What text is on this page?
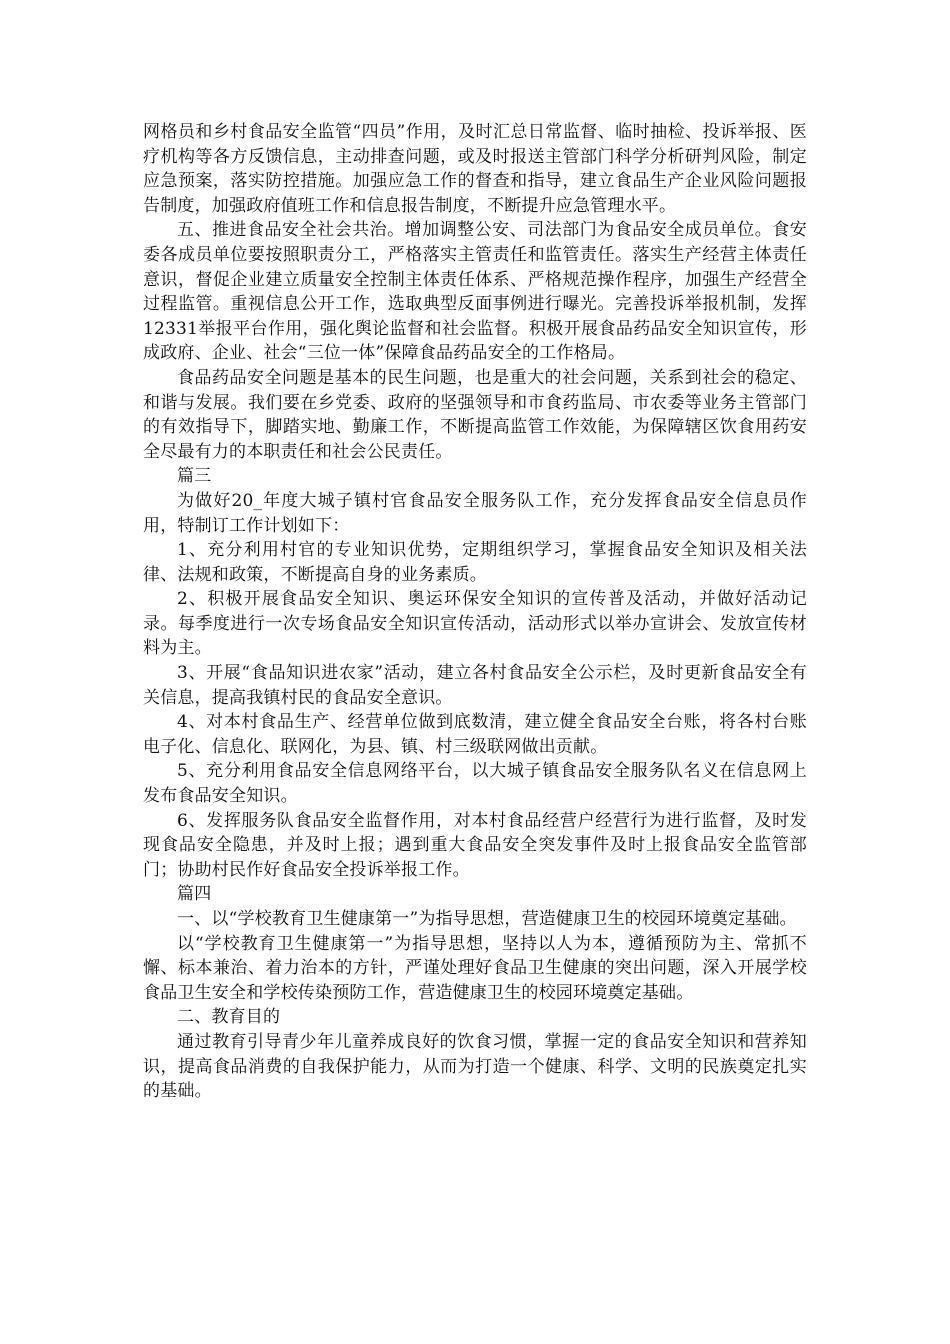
网格员和乡村食品安全监管“四员”作用，及时汇总日常监督、临时抽检、投诉举报、医疗机构等各方反馈信息，主动排查问题，或及时报送主管部门科学分析研判风险，制定应急预案，落实防控措施。加强应急工作的督查和指导，建立食品生产企业风险问题报告制度，加强政府值班工作和信息报告制度，不断提升应急管理水平。

五、推进食品安全社会共治。增加调整公安、司法部门为食品安全成员单位。食安委各成员单位要按照职责分工，严格落实主管责任和监管责任。落实生产经营主体责任意识，督促企业建立质量安全控制主体责任体系、严格规范操作程序，加强生产经营全过程监管。重视信息公开工作，选取典型反面事例进行曝光。完善投诉举报机制，发挥12331举报平台作用，强化舆论监督和社会监督。积极开展食品药品安全知识宣传，形成政府、企业、社会“三位一体”保障食品药品安全的工作格局。

食品药品安全问题是基本的民生问题，也是重大的社会问题，关系到社会的稳定、和谐与发展。我们要在乡党委、政府的坚强领导和市食药监局、市农委等业务主管部门的有效指导下，脚踏实地、勤廉工作，不断提高监管工作效能，为保障辖区饮食用药安全尽最有力的本职责任和社会公民责任。

篇三

为做好20_年度大城子镇村官食品安全服务队工作，充分发挥食品安全信息员作用，特制订工作计划如下：

1、充分利用村官的专业知识优势，定期组织学习，掌握食品安全知识及相关法律、法规和政策，不断提高自身的业务素质。

2、积极开展食品安全知识、奥运环保安全知识的宣传普及活动，并做好活动记录。每季度进行一次专场食品安全知识宣传活动，活动形式以举办宣讲会、发放宣传材料为主。

3、开展“食品知识进农家”活动，建立各村食品安全公示栏，及时更新食品安全有关信息，提高我镇村民的食品安全意识。

4、对本村食品生产、经营单位做到底数清，建立健全食品安全台账，将各村台账电子化、信息化、联网化，为县、镇、村三级联网做出贡献。

5、充分利用食品安全信息网络平台，以大城子镇食品安全服务队名义在信息网上发布食品安全知识。

6、发挥服务队食品安全监督作用，对本村食品经营户经营行为进行监督，及时发现食品安全隐患，并及时上报；遇到重大食品安全突发事件及时上报食品安全监管部门；协助村民作好食品安全投诉举报工作。

篇四

一、以“学校教育卫生健康第一”为指导思想，营造健康卫生的校园环境奠定基础。

以“学校教育卫生健康第一”为指导思想，坚持以人为本，遵循预防为主、常抓不懈、标本兼治、着力治本的方针，严谨处理好食品卫生健康的突出问题，深入开展学校食品卫生安全和学校传染预防工作，营造健康卫生的校园环境奠定基础。

二、教育目的

通过教育引导青少年儿童养成良好的饮食习惯，掌握一定的食品安全知识和营养知识，提高食品消费的自我保护能力，从而为打造一个健康、科学、文明的民族奠定扎实的基础。
